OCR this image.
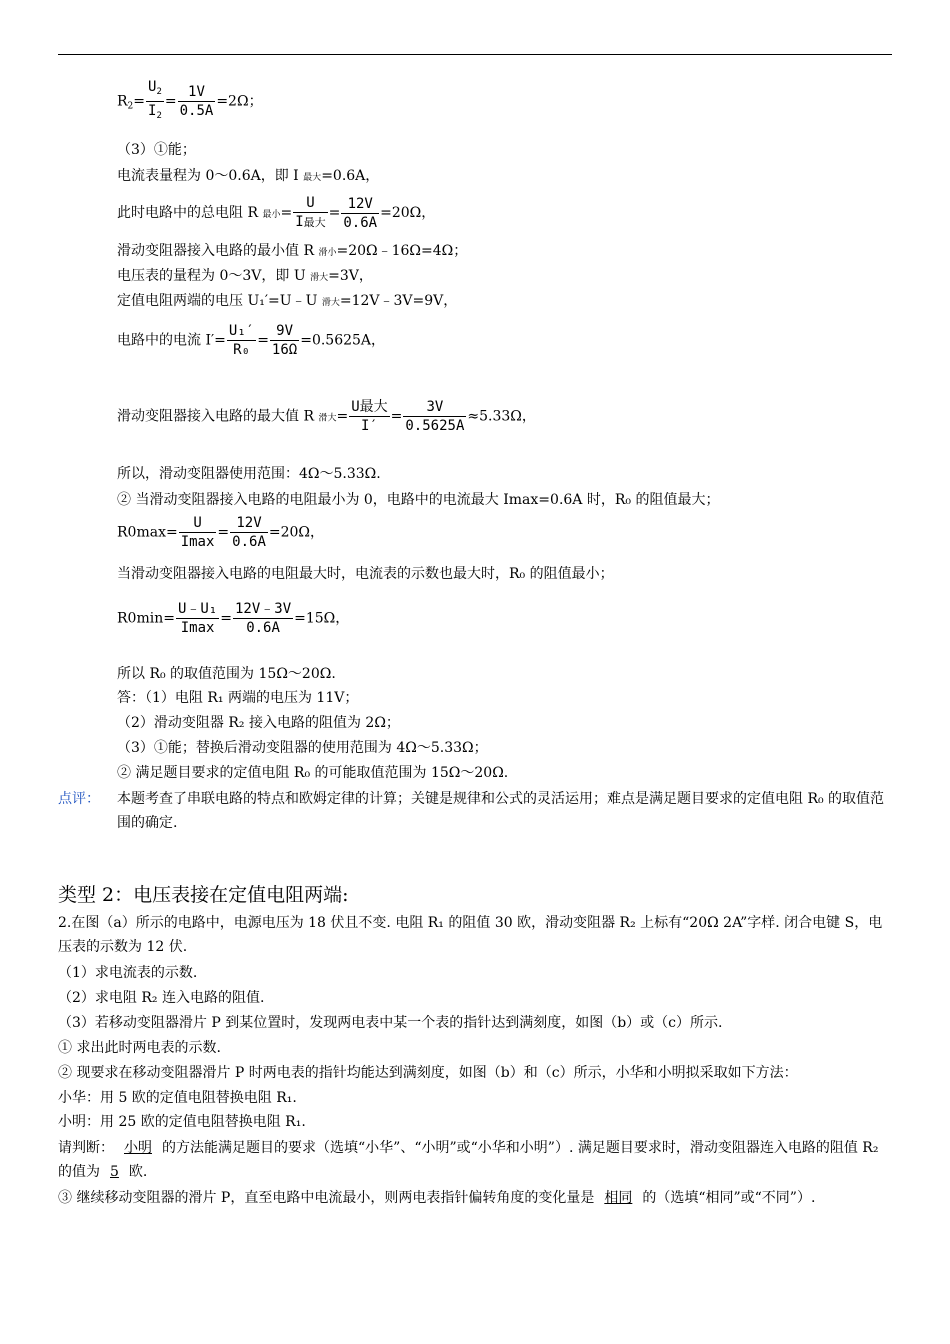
$R_2= \frac{U_2}{I_2} = \frac{1V}{0.5A} =2\Omega$；
（3）①能；
电流表量程为 0～0.6A，即 I 最大=0.6A，
此时电路中的总电阻 R 最小= $\frac{U}{\text{I最大}} = \frac{12V}{0.6A} =20\Omega$，
滑动变阻器接入电路的最小值 R 滑小=20Ω﹣16Ω=4Ω；
电压表的量程为 0～3V，即 U 滑大=3V，
定值电阻两端的电压 U₁′=U﹣U 滑大=12V﹣3V=9V，
电路中的电流 $I'= \frac{\text{U₁′}}{\text{R₀}} = \frac{9V}{16\Omega} =0.5625A$，
滑动变阻器接入电路的最大值 R 滑大= $\frac{\text{U最大}}{I'} = \frac{3V}{0.5625A} \approx 5.33\Omega$，
所以，滑动变阻器使用范围：4Ω～5.33Ω.
② 当滑动变阻器接入电路的电阻最小为 0，电路中的电流最大 Imax=0.6A 时，R₀ 的阻值最大；
$R0\max= \frac{U}{Imax} = \frac{12V}{0.6A} =20\Omega$，
当滑动变阻器接入电路的电阻最大时，电流表的示数也最大时，R₀ 的阻值最小；
$R0\min= \frac{\text{U﹣U₁}}{Imax} = \frac{12V﹣3V}{0.6A} =15\Omega$，
所以 R₀ 的取值范围为 15Ω～20Ω.
答：（1）电阻 R₁ 两端的电压为 11V；
（2）滑动变阻器 R₂ 接入电路的阻值为 2Ω；
（3）①能；替换后滑动变阻器的使用范围为 4Ω～5.33Ω；
② 满足题目要求的定值电阻 R₀ 的可能取值范围为 15Ω～20Ω.
点评： 本题考查了串联电路的特点和欧姆定律的计算；关键是规律和公式的灵活运用；难点是满足题目要求的定值电阻 R₀ 的取值范围的确定.
类型 2：电压表接在定值电阻两端:
2.在图（a）所示的电路中，电源电压为 18 伏且不变. 电阻 R₁ 的阻值 30 欧，滑动变阻器 R₂ 上标有“20Ω 2A”字样. 闭合电键 S，电压表的示数为 12 伏.
（1）求电流表的示数.
（2）求电阻 R₂ 连入电路的阻值.
（3）若移动变阻器滑片 P 到某位置时，发现两电表中某一个表的指针达到满刻度，如图（b）或（c）所示.
① 求出此时两电表的示数.
② 现要求在移动变阻器滑片 P 时两电表的指针均能达到满刻度，如图（b）和（c）所示，小华和小明拟采取如下方法：
小华：用 5 欧的定值电阻替换电阻 R₁.
小明：用 25 欧的定值电阻替换电阻 R₁.
请判断： 小明 的方法能满足题目的要求（选填“小华”、“小明”或“小华和小明”）. 满足题目要求时，滑动变阻器连入电路的阻值 R₂ 的值为 5 欧.
③ 继续移动变阻器的滑片 P，直至电路中电流最小，则两电表指针偏转角度的变化量是 相同 的（选填“相同”或“不同”）.
